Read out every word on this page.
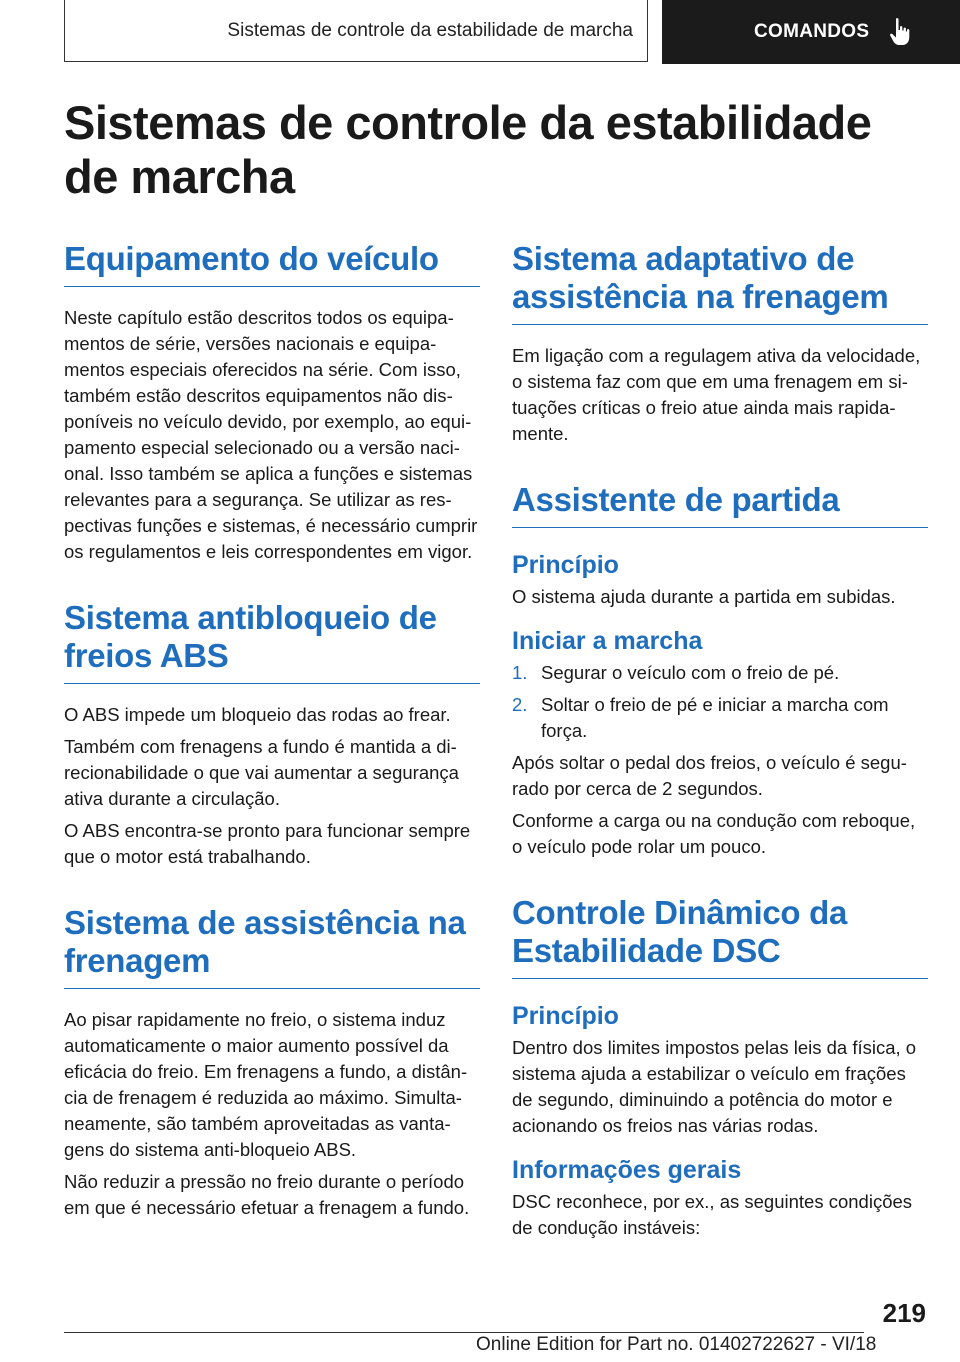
Sistemas de controle da estabilidade de marcha	COMANDOS
Sistemas de controle da estabilidade de marcha
Equipamento do veículo

Neste capítulo estão descritos todos os equipamentos de série, versões nacionais e equipamentos especiais oferecidos na série. Com isso, também estão descritos equipamentos não disponíveis no veículo devido, por exemplo, ao equipamento especial selecionado ou a versão nacional. Isso também se aplica a funções e sistemas relevantes para a segurança. Se utilizar as respectivas funções e sistemas, é necessário cumprir os regulamentos e leis correspondentes em vigor.

Sistema antibloqueio de freios ABS

O ABS impede um bloqueio das rodas ao frear.

Também com frenagens a fundo é mantida a direcionabilidade o que vai aumentar a segurança ativa durante a circulação.

O ABS encontra-se pronto para funcionar sempre que o motor está trabalhando.

Sistema de assistência na frenagem

Ao pisar rapidamente no freio, o sistema induz automaticamente o maior aumento possível da eficácia do freio. Em frenagens a fundo, a distância de frenagem é reduzida ao máximo. Simultaneamente, são também aproveitadas as vantagens do sistema anti-bloqueio ABS.

Não reduzir a pressão no freio durante o período em que é necessário efetuar a frenagem a fundo.

Sistema adaptativo de assistência na frenagem

Em ligação com a regulagem ativa da velocidade, o sistema faz com que em uma frenagem em situações críticas o freio atue ainda mais rapidamente.

Assistente de partida
Princípio

O sistema ajuda durante a partida em subidas.

Iniciar a marcha
1. Segurar o veículo com o freio de pé.
2. Soltar o freio de pé e iniciar a marcha com força.

Após soltar o pedal dos freios, o veículo é segurado por cerca de 2 segundos.

Conforme a carga ou na condução com reboque, o veículo pode rolar um pouco.

Controle Dinâmico da Estabilidade DSC
Princípio

Dentro dos limites impostos pelas leis da física, o sistema ajuda a estabilizar o veículo em frações de segundo, diminuindo a potência do motor e acionando os freios nas várias rodas.

Informações gerais

DSC reconhece, por ex., as seguintes condições de condução instáveis:

219
Online Edition for Part no. 01402722627 - VI/18
